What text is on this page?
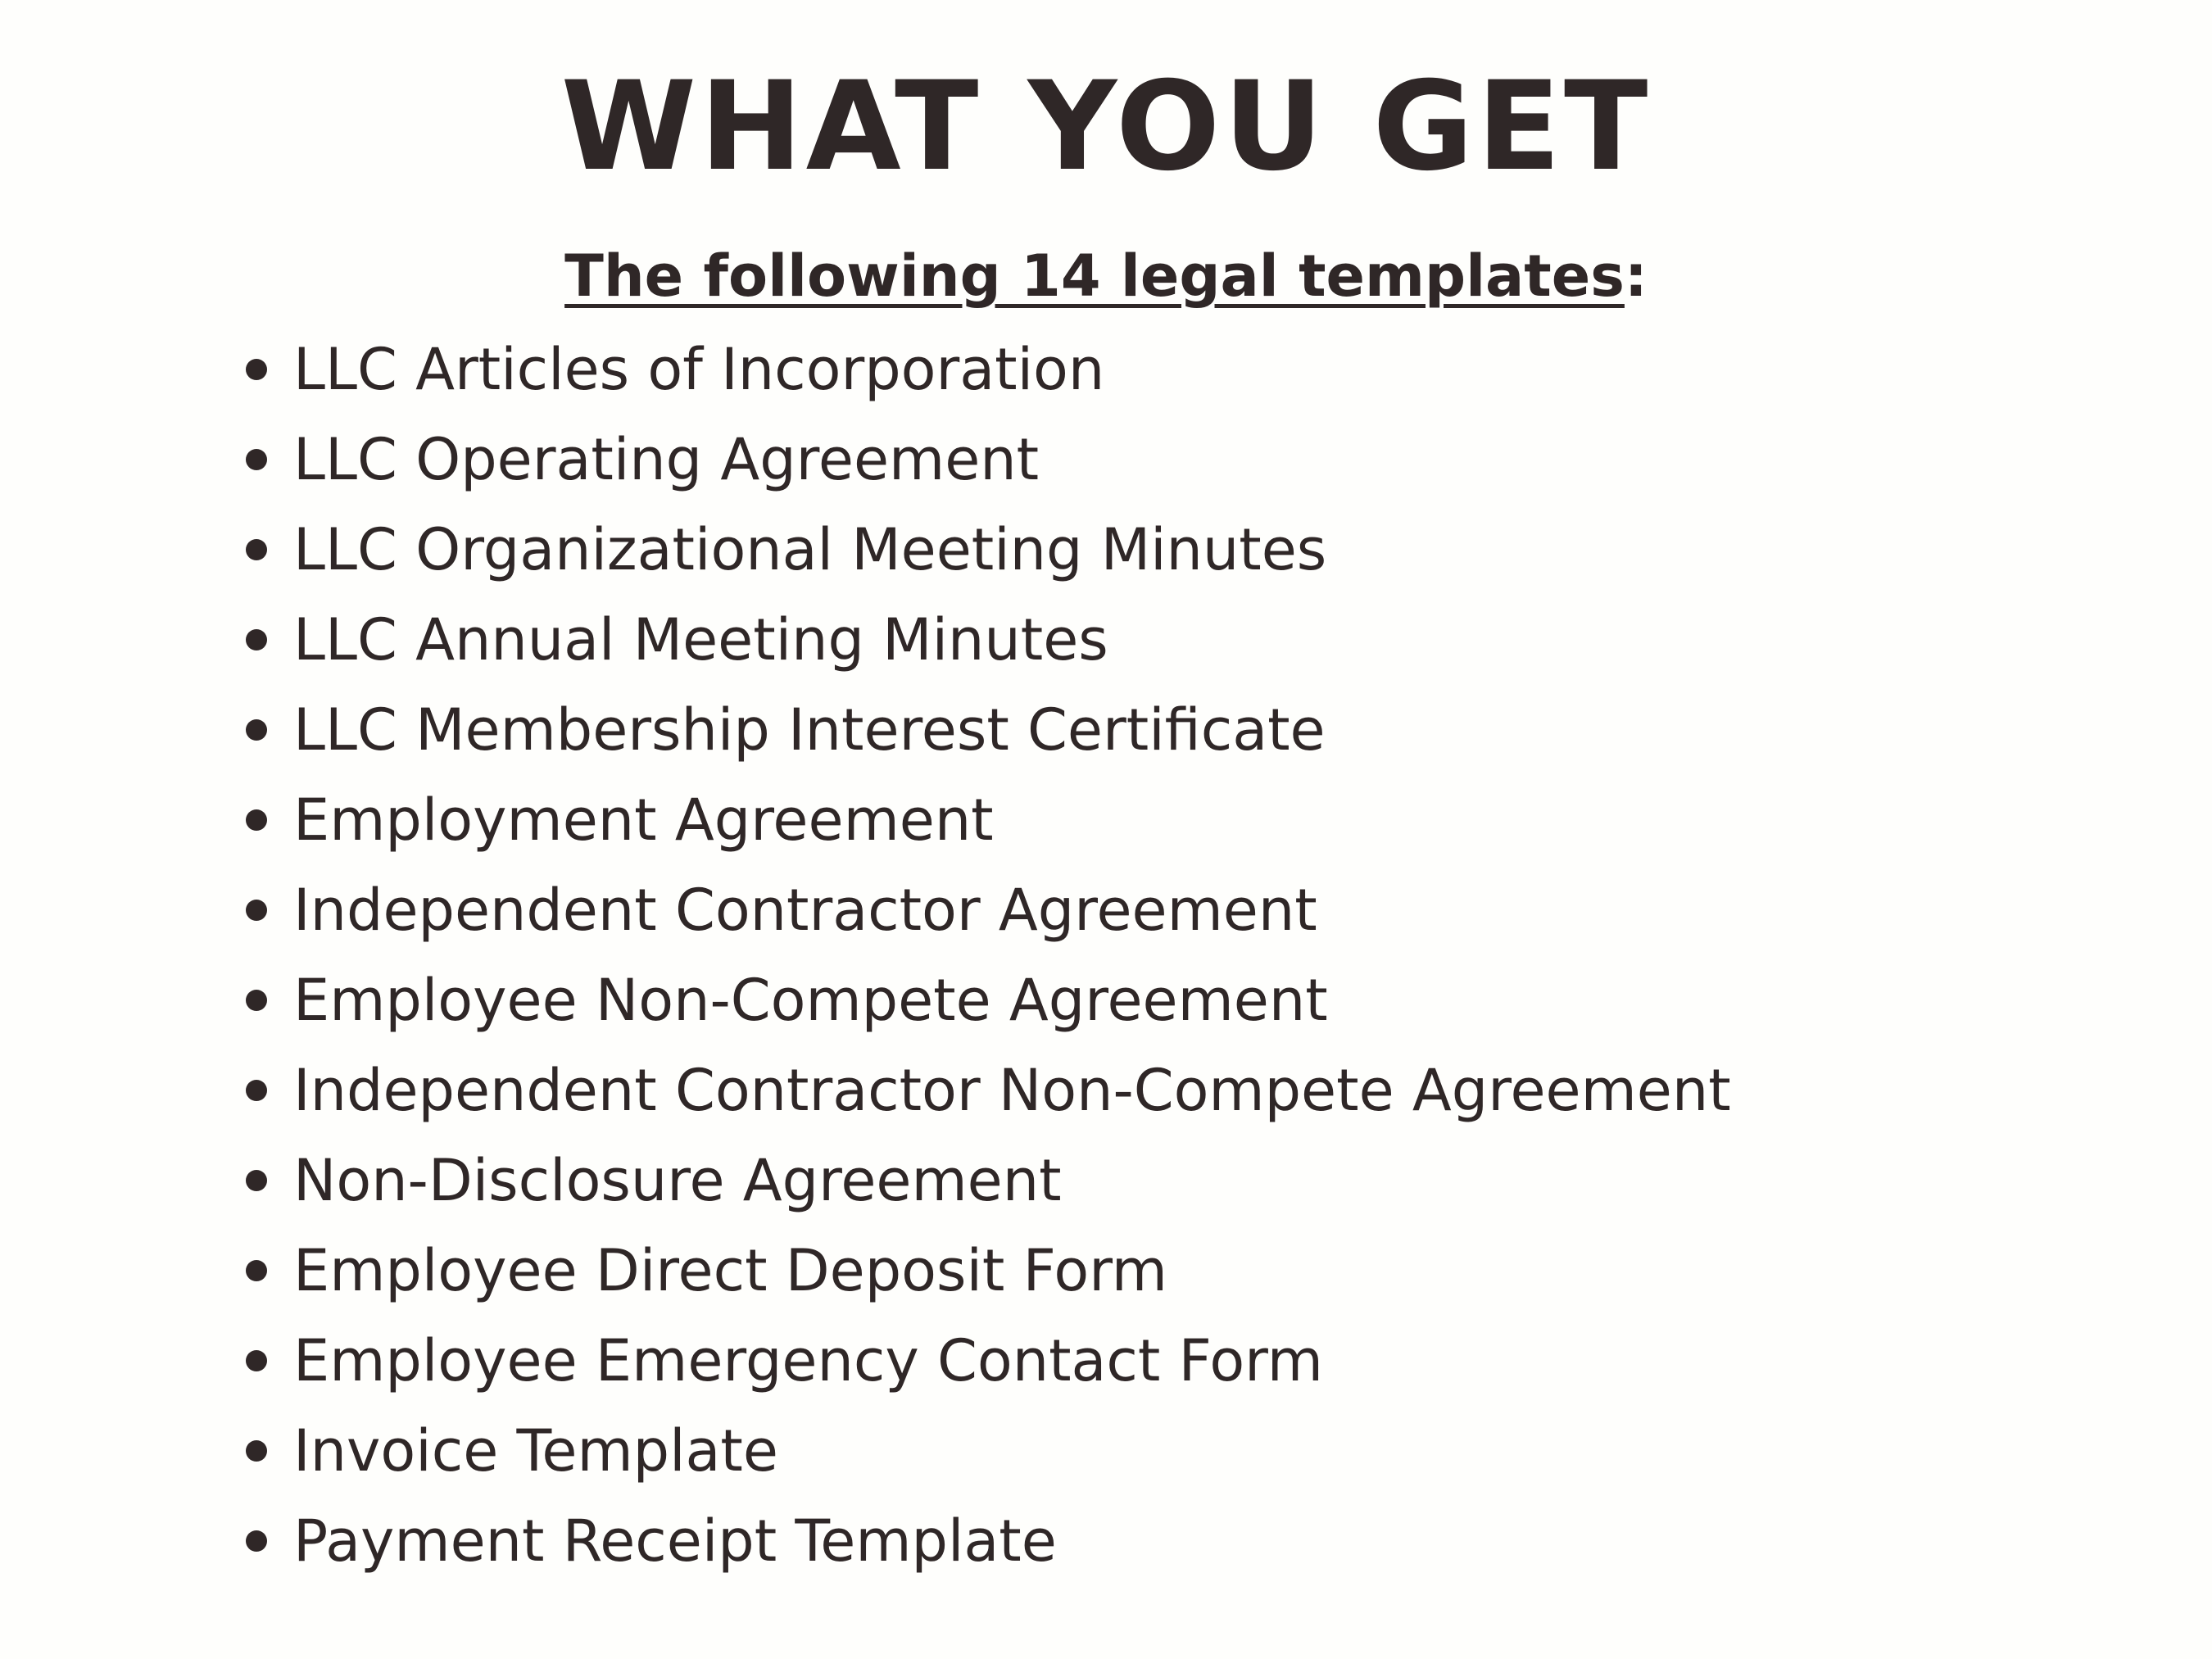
WHAT YOU GET

The following 14 legal templates:

LLC Articles of Incorporation
LLC Operating Agreement
LLC Organizational Meeting Minutes
LLC Annual Meeting Minutes
LLC Membership Interest Certificate
Employment Agreement
Independent Contractor Agreement
Employee Non-Compete Agreement
Independent Contractor Non-Compete Agreement
Non-Disclosure Agreement
Employee Direct Deposit Form
Employee Emergency Contact Form
Invoice Template
Payment Receipt Template
